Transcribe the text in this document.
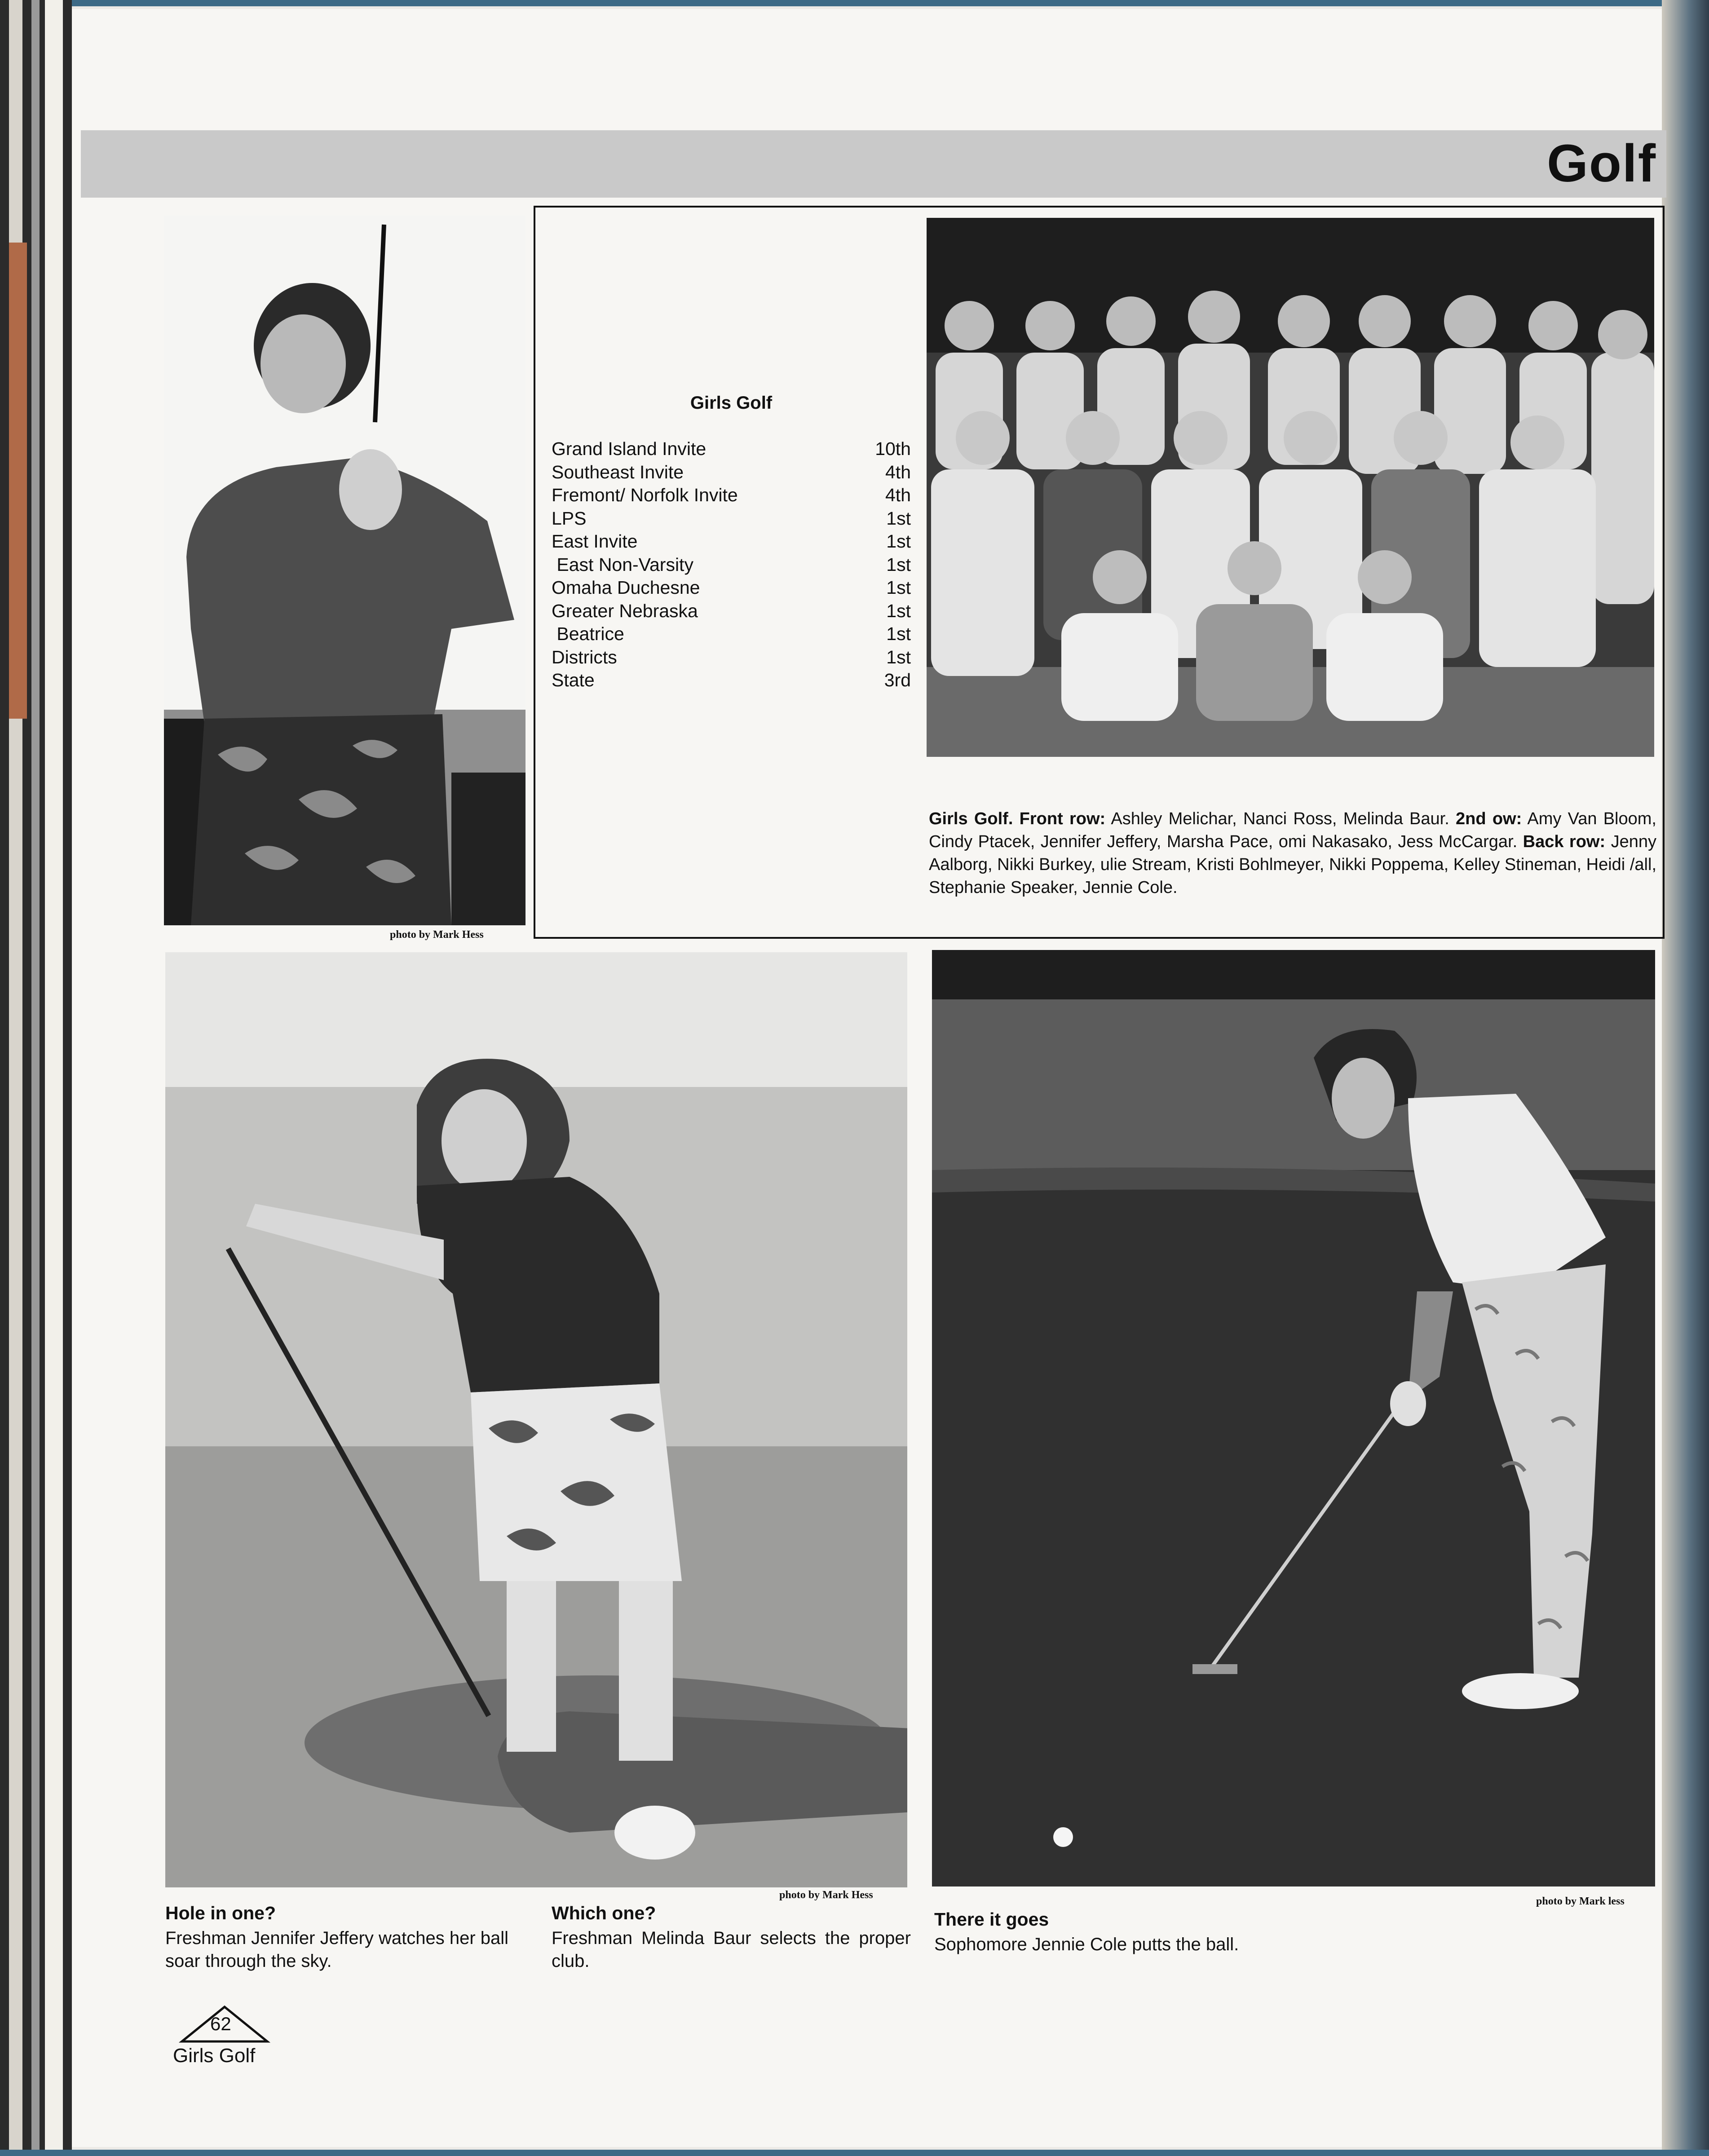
Golf
photo by Mark Hess
Girls Golf
Grand Island Invite	10th
Southeast Invite	4th
Fremont/ Norfolk Invite	4th
LPS	1st
East Invite	1st
East Non-Varsity	1st
Omaha Duchesne	1st
Greater Nebraska	1st
Beatrice	1st
Districts	1st
State	3rd
Girls Golf. Front row: Ashley Melichar, Nanci Ross, Melinda Baur. 2nd ow: Amy Van Bloom, Cindy Ptacek, Jennifer Jeffery, Marsha Pace, omi Nakasako, Jess McCargar. Back row: Jenny Aalborg, Nikki Burkey, ulie Stream, Kristi Bohlmeyer, Nikki Poppema, Kelley Stineman, Heidi /all, Stephanie Speaker, Jennie Cole.
photo by Mark Hess
photo by Mark less
Hole in one?
Freshman Jennifer Jeffery watches her ball soar through the sky.
Which one?
Freshman Melinda Baur selects the proper club.
There it goes
Sophomore Jennie Cole putts the ball.
62
Girls Golf
